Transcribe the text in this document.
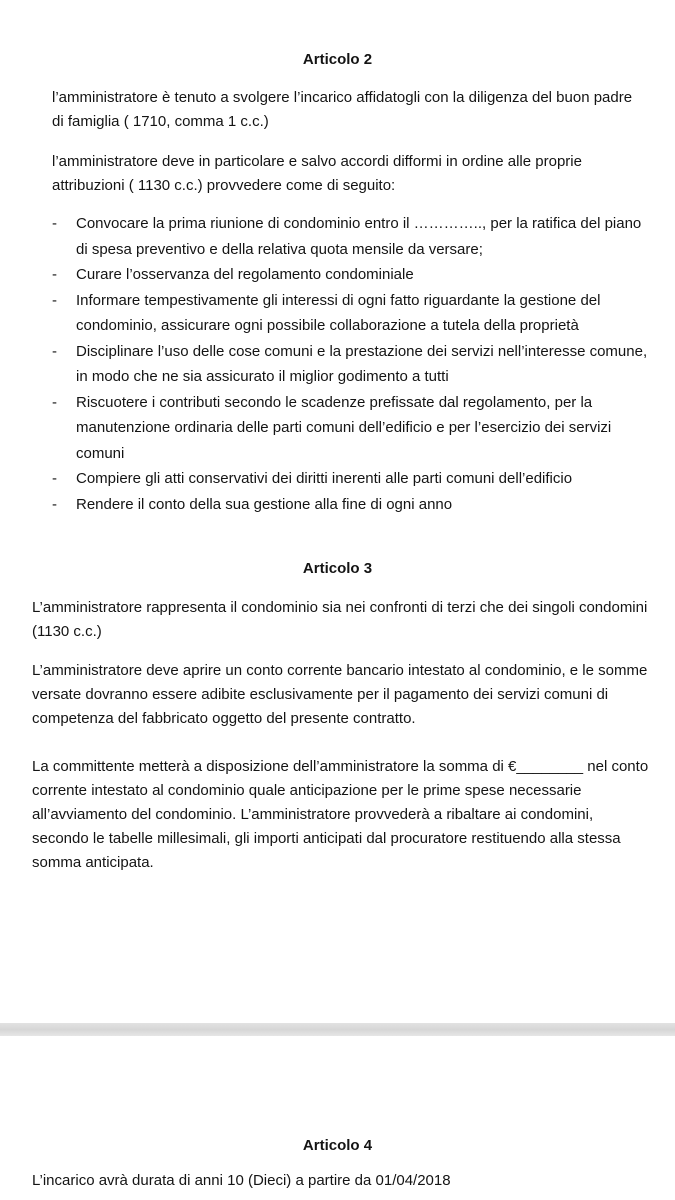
Articolo 2

l’amministratore è tenuto a svolgere l’incarico affidatogli con la diligenza del buon padre di famiglia ( 1710, comma 1 c.c.)

l’amministratore deve in particolare e salvo accordi difformi in ordine alle proprie attribuzioni ( 1130 c.c.) provvedere come di seguito:

- Convocare la prima riunione di condominio entro il ………….., per la ratifica del piano di spesa preventivo e della relativa quota mensile da versare;
- Curare l’osservanza del regolamento condominiale
- Informare tempestivamente gli interessi di ogni fatto riguardante la gestione del condominio, assicurare ogni possibile collaborazione a tutela della proprietà
- Disciplinare l’uso delle cose comuni e la prestazione dei servizi nell’interesse comune, in modo che ne sia assicurato il miglior godimento a tutti
- Riscuotere i contributi secondo le scadenze prefissate dal regolamento, per la manutenzione ordinaria delle parti comuni dell’edificio e per l’esercizio dei servizi comuni
- Compiere gli atti conservativi dei diritti inerenti alle parti comuni dell’edificio
- Rendere il conto della sua gestione alla fine di ogni anno
Articolo 3

L’amministratore rappresenta il condominio sia nei confronti di terzi che dei singoli condomini (1130 c.c.)

L’amministratore deve aprire un conto corrente bancario intestato al condominio, e le somme versate dovranno essere adibite esclusivamente per il pagamento dei servizi comuni di competenza del fabbricato oggetto del presente contratto.

La committente metterà a disposizione dell’amministratore la somma di €________ nel conto corrente intestato al condominio quale anticipazione per le prime spese necessarie all’avviamento del condominio. L’amministratore provvederà a ribaltare ai condomini, secondo le tabelle millesimali, gli importi anticipati dal procuratore restituendo alla stessa somma anticipata.

Articolo 4

L’incarico avrà durata di anni 10 (Dieci) a partire da 01/04/2018
